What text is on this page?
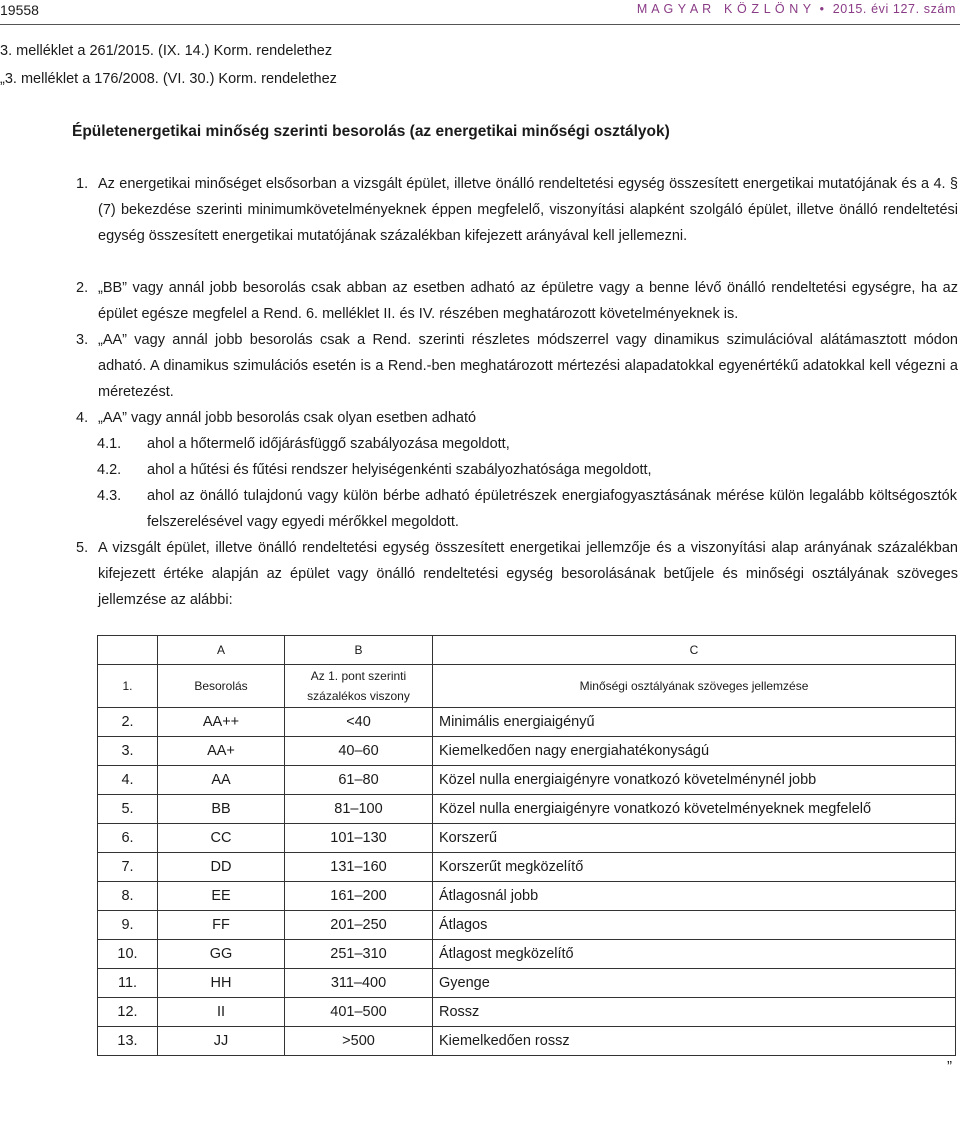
19558	M A G Y A R   K Ö Z L Ö N Y  •  2015. évi 127. szám
3. melléklet a 261/2015. (IX. 14.) Korm. rendelethez
„3. melléklet a 176/2008. (VI. 30.) Korm. rendelethez
Épületenergetikai minőség szerinti besorolás (az energetikai minőségi osztályok)
1. Az energetikai minőséget elsősorban a vizsgált épület, illetve önálló rendeltetési egység összesített energetikai mutatójának és a 4. § (7) bekezdése szerinti minimumkövetelményeknek éppen megfelelő, viszonyítási alapként szolgáló épület, illetve önálló rendeltetési egység összesített energetikai mutatójának százalékban kifejezett arányával kell jellemezni.
2. „BB” vagy annál jobb besorolás csak abban az esetben adható az épületre vagy a benne lévő önálló rendeltetési egységre, ha az épület egésze megfelel a Rend. 6. melléklet II. és IV. részében meghatározott követelményeknek is.
3. „AA” vagy annál jobb besorolás csak a Rend. szerinti részletes módszerrel vagy dinamikus szimulációval alátámasztott módon adható. A dinamikus szimulációs esetén is a Rend.-ben meghatározott mértezési alapadatokkal egyenértékű adatokkal kell végezni a méretezést.
4. „AA” vagy annál jobb besorolás csak olyan esetben adható
4.1. ahol a hőtermelő időjárásfüggő szabályozása megoldott,
4.2. ahol a hűtési és fűtési rendszer helyiségenkénti szabályozhatósága megoldott,
4.3. ahol az önálló tulajdonú vagy külön bérbe adható épületrészek energiafogyasztásának mérése külön legalább költségosztók felszerelésével vagy egyedi mérőkkel megoldott.
5. A vizsgált épület, illetve önálló rendeltetési egység összesített energetikai jellemzője és a viszonyítási alap arányának százalékban kifejezett értéke alapján az épület vagy önálló rendeltetési egység besorolásának betűjele és minőségi osztályának szöveges jellemzése az alábbi:
	A	B	C
1.	Besorolás	Az 1. pont szerinti százalékos viszony	Minőségi osztályának szöveges jellemzése
2.	AA++	<40	Minimális energiaigényű
3.	AA+	40–60	Kiemelkedően nagy energiahatékonyságú
4.	AA	61–80	Közel nulla energiaigényre vonatkozó követelménynél jobb
5.	BB	81–100	Közel nulla energiaigényre vonatkozó követelményeknek megfelelő
6.	CC	101–130	Korszerű
7.	DD	131–160	Korszerűt megközelítő
8.	EE	161–200	Átlagosnál jobb
9.	FF	201–250	Átlagos
10.	GG	251–310	Átlagost megközelítő
11.	HH	311–400	Gyenge
12.	II	401–500	Rossz
13.	JJ	>500	Kiemelkedően rossz
”
